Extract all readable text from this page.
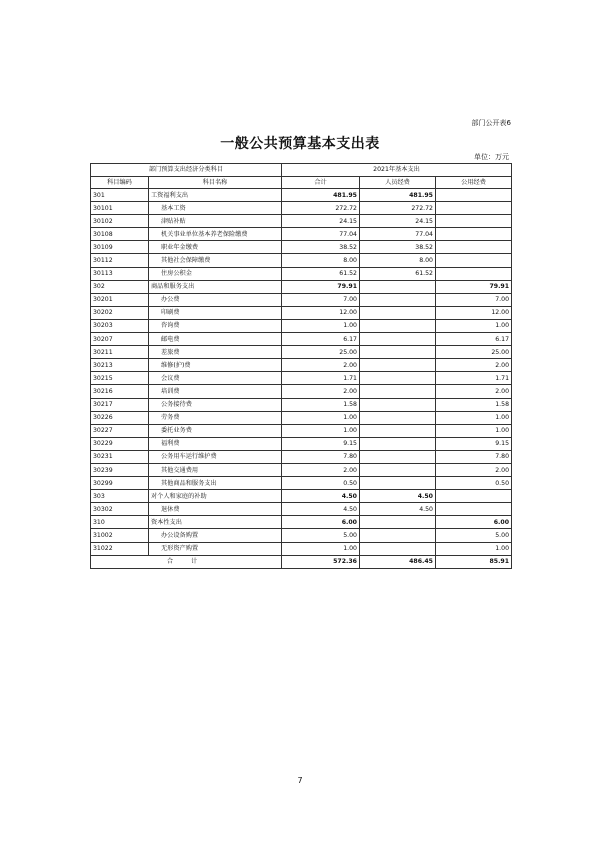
部门公开表6
一般公共预算基本支出表
单位：万元
部门预算支出经济分类科目		2021年基本支出		
科目编码	科目名称	合计	人员经费	公用经费
301	工资福利支出	481.95	481.95	
30101	基本工资	272.72	272.72	
30102	津贴补贴	24.15	24.15	
30108	机关事业单位基本养老保险缴费	77.04	77.04	
30109	职业年金缴费	38.52	38.52	
30112	其他社会保障缴费	8.00	8.00	
30113	住房公积金	61.52	61.52	
302	商品和服务支出	79.91		79.91
30201	办公费	7.00		7.00
30202	印刷费	12.00		12.00
30203	咨询费	1.00		1.00
30207	邮电费	6.17		6.17
30211	差旅费	25.00		25.00
30213	维修(护)费	2.00		2.00
30215	会议费	1.71		1.71
30216	培训费	2.00		2.00
30217	公务接待费	1.58		1.58
30226	劳务费	1.00		1.00
30227	委托业务费	1.00		1.00
30229	福利费	9.15		9.15
30231	公务用车运行维护费	7.80		7.80
30239	其他交通费用	2.00		2.00
30299	其他商品和服务支出	0.50		0.50
303	对个人和家庭的补助	4.50	4.50	
30302	退休费	4.50	4.50	
310	资本性支出	6.00		6.00
31002	办公设备购置	5.00		5.00
31022	无形资产购置	1.00		1.00
合 计		572.36	486.45	85.91
7
